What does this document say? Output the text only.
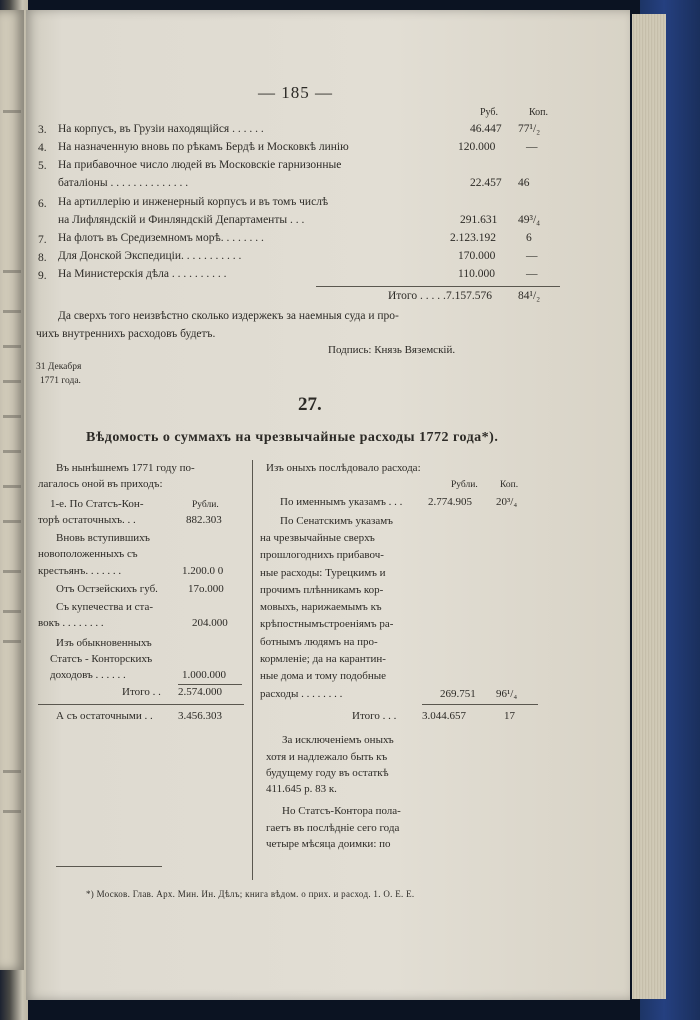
— 185 —
Руб.	Коп.
3. На корпусъ, въ Грузіи находящійся . . . . . .	46.447 77¹/₂
4. На назначенную вновь по рѣкамъ Бердѣ и Московкѣ линію	120.000	—
5. На прибавочное число людей въ Московскіе гарнизонные
баталіоны . . . . . . . . . . . . . .	22.457 46
6. На артиллерію и инженерный корпусъ и въ томъ числѣ
на Лифляндскій и Финляндскій Департаменты . . .	291.631 49³/₄
7. На флотъ въ Средиземномъ морѣ. . . . . . . .	2.123.192	6
8. Для Донской Экспедиціи. . . . . . . . . . .	170.000	—
9. На Министерскія дѣла . . . . . . . . . .	110.000	—
Итого . . . . . 7.157.576 84¹/₂
Да сверхъ того неизвѣстно сколько издержекъ за наемныя суда и про-
чихъ внутреннихъ расходовъ будетъ.
Подпись: Князь Вяземскій.
31 Декабря
1771 года.
27.
Вѣдомость о суммахъ на чрезвычайные расходы 1772 года*).
Въ нынѣшнемъ 1771 году по-
лагалось оной въ приходъ:
1-е. По Статсъ-Кон-	Рубли.
торѣ остаточныхъ. . .	882.303
Вновь вступившихъ
новоположенныхъ съ
крестьянъ. . . . . . .	1.200.0 0
Отъ Остзейскихъ губ.	17о.000
Съ купечества и ста-
вокъ . . . . . . . .	204.000
Изъ обыкновенныхъ
Статсъ - Конторскихъ
доходовъ . . . . . .	1.000.000
Итого . . 2.574.000
А съ остаточными . . 3.456.303
Изъ оныхъ послѣдовало расхода:
Рубли. Коп.
По именнымъ указамъ . . . 2.774.905 20³/₄
По Сенатскимъ указамъ
на чрезвычайные сверхъ
прошлогоднихъ прибавоч-
ные расходы: Турецкимъ и
прочимъ плѣнникамъ кор-
мовыхъ, нарижаемымъ къ
крѣпостнымъстроеніямъ ра-
ботнымъ людямъ на про-
кормленіе; да на карантин-
ные дома и тому подобные
расходы . . . . . . . .	269.751 96¹/₄
Итого . . . 3.044.657	17
За исключеніемъ оныхъ
хотя и надлежало быть къ
будущему году въ остаткѣ
411.645 р. 83 к.
Но Статсъ-Контора пола-
гаетъ въ послѣдніе сего года
четыре мѣсяца доимки: по
*) Москов. Глав. Арх. Мин. Ин. Дѣлъ; книга вѣдом. о прих. и расход. 1. О. Е. Е.
